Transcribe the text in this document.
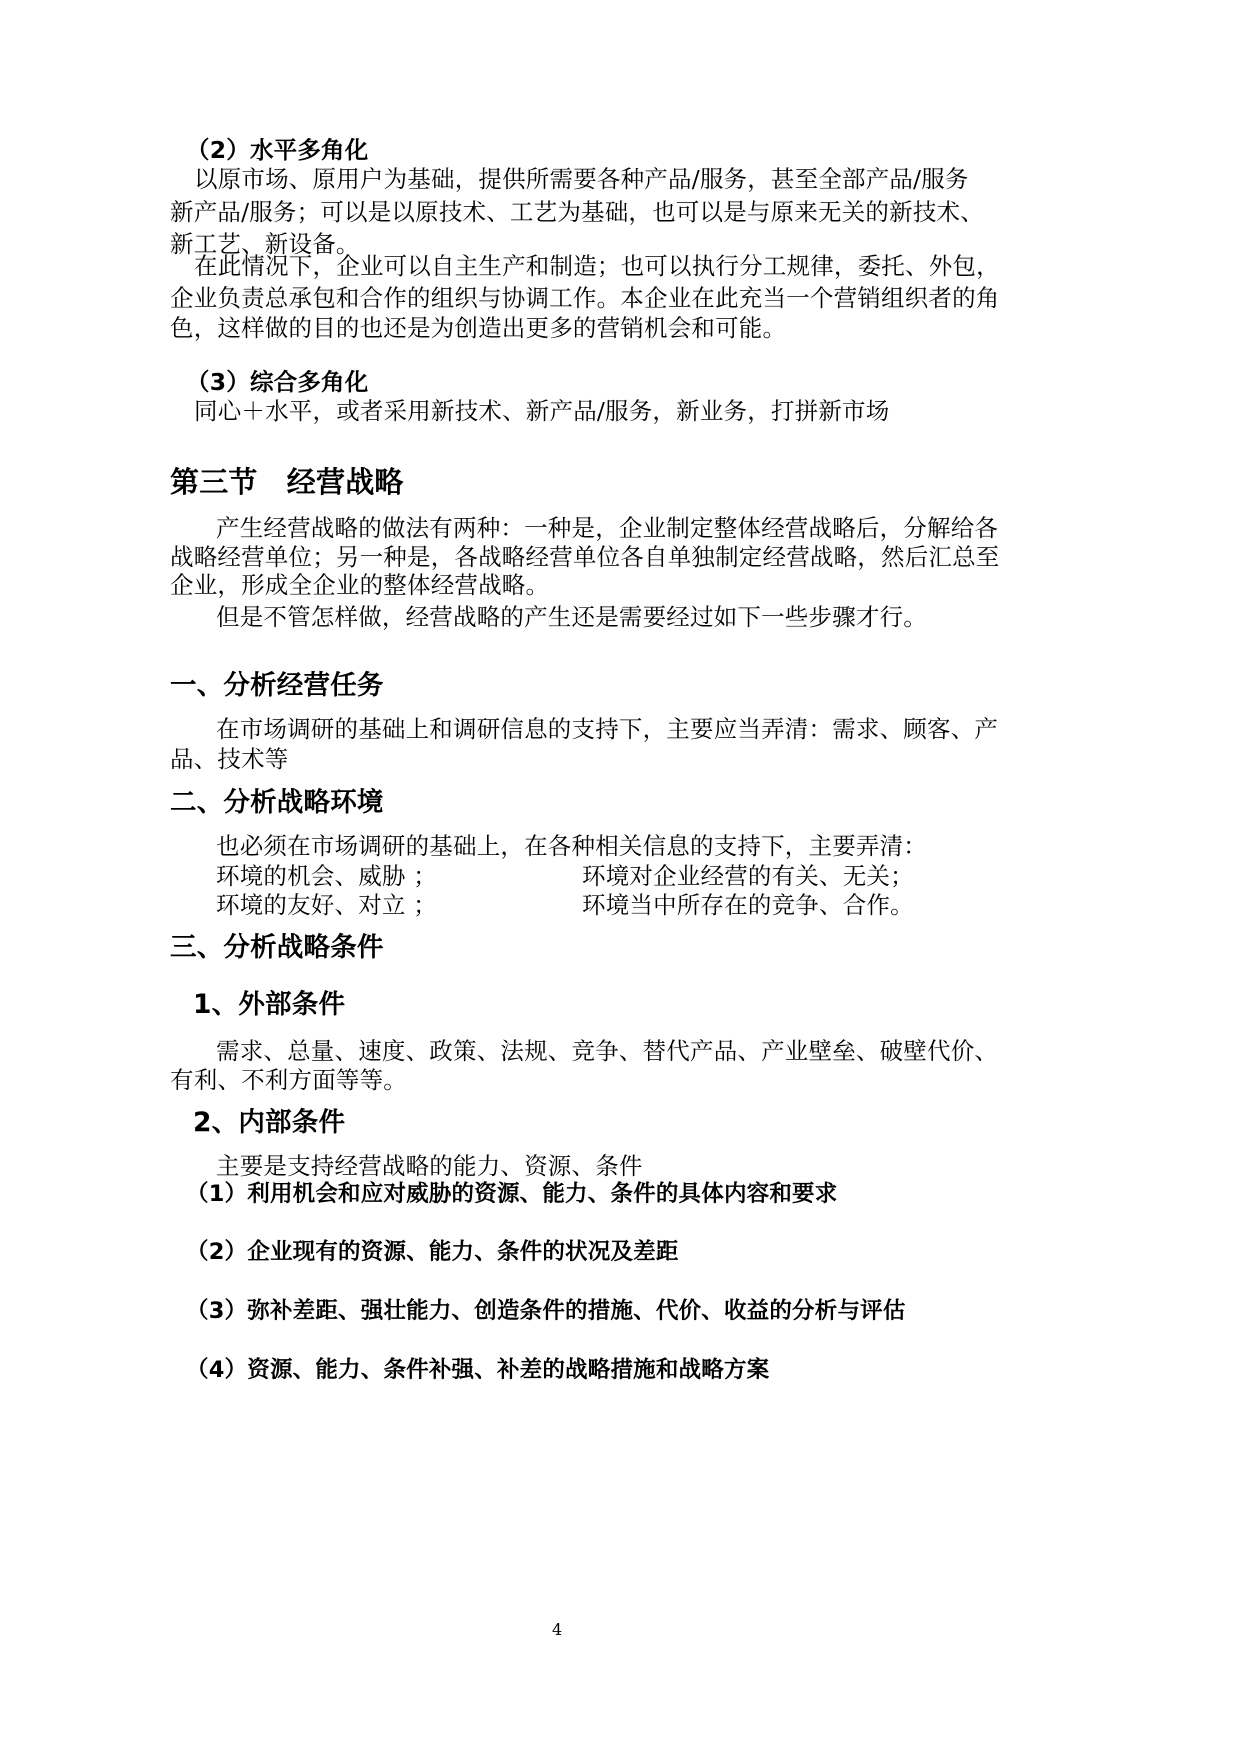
（2）水平多角化
以原市场、原用户为基础，提供所需要各种产品/服务，甚至全部产品/服务
新产品/服务；可以是以原技术、工艺为基础，也可以是与原来无关的新技术、
新工艺、新设备。
在此情况下，企业可以自主生产和制造；也可以执行分工规律，委托、外包，
企业负责总承包和合作的组织与协调工作。本企业在此充当一个营销组织者的角
色，这样做的目的也还是为创造出更多的营销机会和可能。
（3）综合多角化
同心＋水平，或者采用新技术、新产品/服务，新业务，打拼新市场
第三节　经营战略
产生经营战略的做法有两种：一种是，企业制定整体经营战略后，分解给各
战略经营单位；另一种是，各战略经营单位各自单独制定经营战略，然后汇总至
企业，形成全企业的整体经营战略。
但是不管怎样做，经营战略的产生还是需要经过如下一些步骤才行。
一、分析经营任务
在市场调研的基础上和调研信息的支持下，主要应当弄清：需求、顾客、产
品、技术等
二、分析战略环境
也必须在市场调研的基础上，在各种相关信息的支持下，主要弄清：
环境的机会、威胁 ；	环境对企业经营的有关、无关；
环境的友好、对立 ；	环境当中所存在的竞争、合作。
三、分析战略条件
1、外部条件
需求、总量、速度、政策、法规、竞争、替代产品、产业壁垒、破壁代价、
有利、不利方面等等。
2、内部条件
主要是支持经营战略的能力、资源、条件
（1）利用机会和应对威胁的资源、能力、条件的具体内容和要求
（2）企业现有的资源、能力、条件的状况及差距
（3）弥补差距、强壮能力、创造条件的措施、代价、收益的分析与评估
（4）资源、能力、条件补强、补差的战略措施和战略方案
4
